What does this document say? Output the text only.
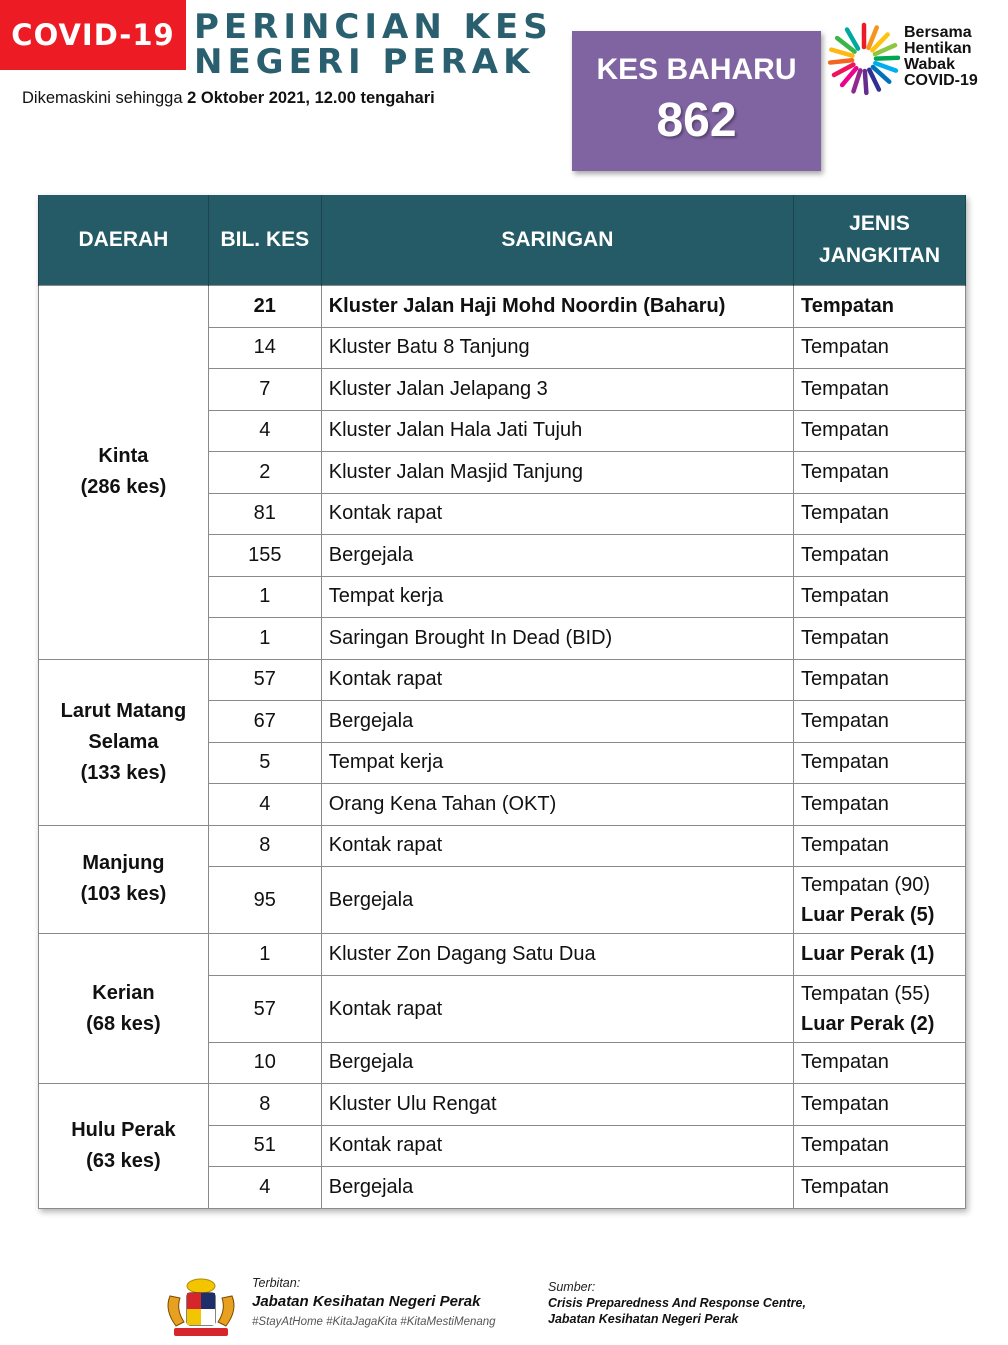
COVID-19 PERINCIAN KES
NEGERI PERAK
Dikemaskini sehingga 2 Oktober 2021, 12.00 tengahari
KES BAHARU
862
Bersama
Hentikan
Wabak
COVID-19
DAERAH	BIL. KES	SARINGAN	JENIS
JANGKITAN
Kinta
(286 kes)	21	Kluster Jalan Haji Mohd Noordin (Baharu)	Tempatan
	14	Kluster Batu 8 Tanjung	Tempatan
	7	Kluster Jalan Jelapang 3	Tempatan
	4	Kluster Jalan Hala Jati Tujuh	Tempatan
	2	Kluster Jalan Masjid Tanjung	Tempatan
	81	Kontak rapat	Tempatan
	155	Bergejala	Tempatan
	1	Tempat kerja	Tempatan
	1	Saringan Brought In Dead (BID)	Tempatan
Larut Matang
Selama
(133 kes)	57	Kontak rapat	Tempatan
	67	Bergejala	Tempatan
	5	Tempat kerja	Tempatan
	4	Orang Kena Tahan (OKT)	Tempatan
Manjung
(103 kes)	8	Kontak rapat	Tempatan
	95	Bergejala	Tempatan (90)
Luar Perak (5)
Kerian
(68 kes)	1	Kluster Zon Dagang Satu Dua	Luar Perak (1)
	57	Kontak rapat	Tempatan (55)
Luar Perak (2)
	10	Bergejala	Tempatan
Hulu Perak
(63 kes)	8	Kluster Ulu Rengat	Tempatan
	51	Kontak rapat	Tempatan
	4	Bergejala	Tempatan
Terbitan:
Jabatan Kesihatan Negeri Perak
#StayAtHome #KitaJagaKita #KitaMestiMenang
Sumber:
Crisis Preparedness And Response Centre,
Jabatan Kesihatan Negeri Perak
